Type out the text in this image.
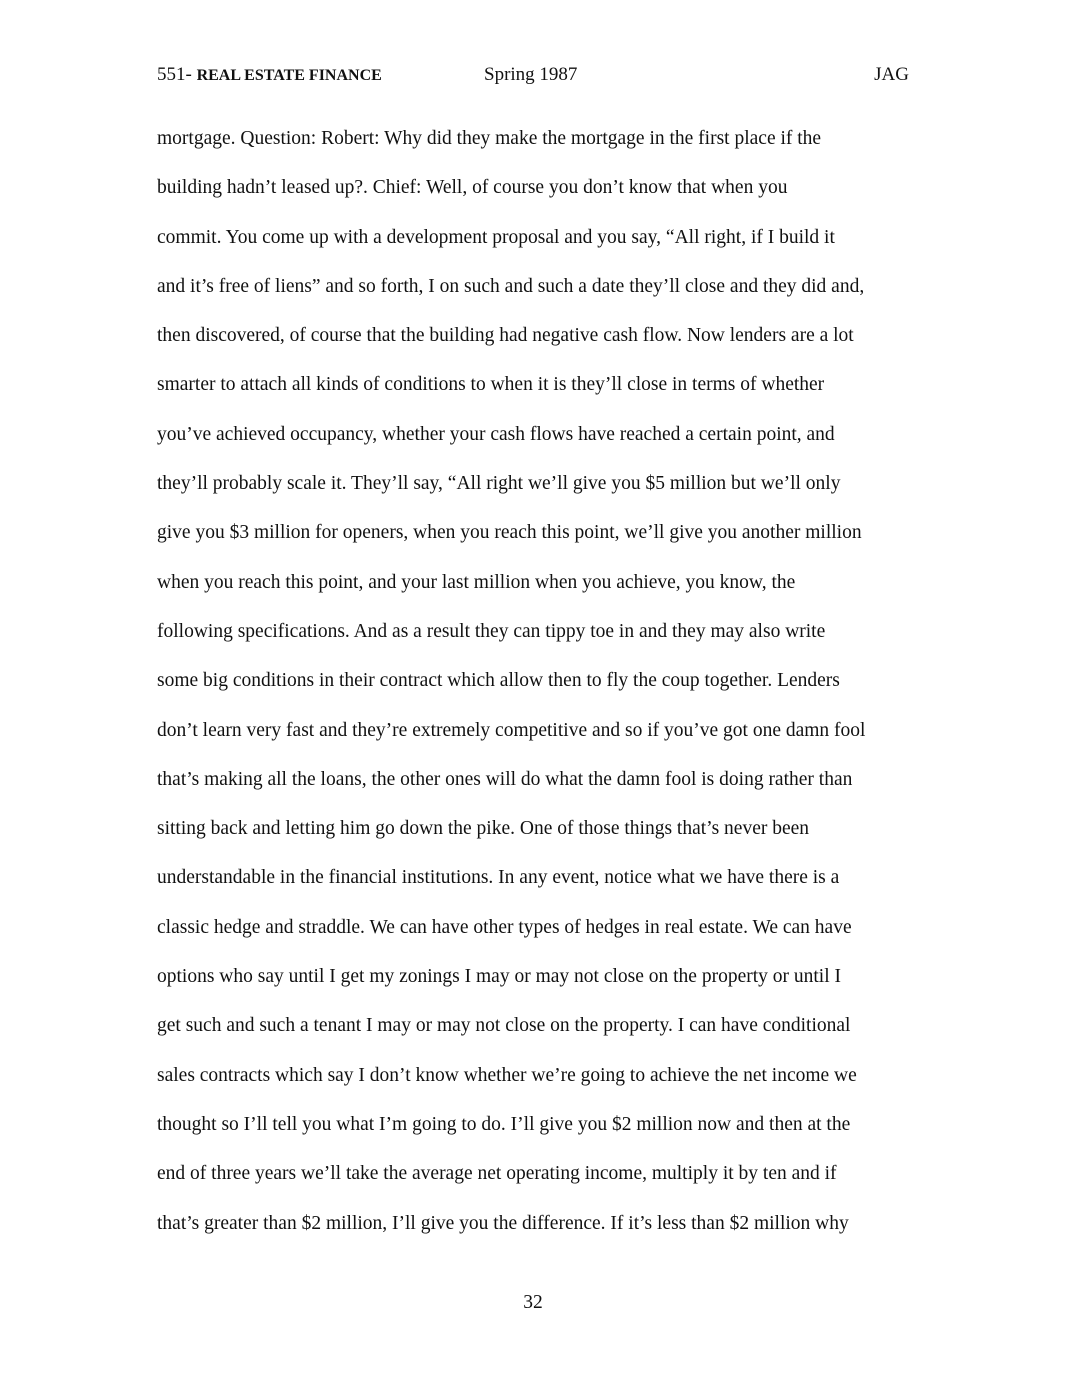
551- REAL ESTATE FINANCE	Spring 1987	JAG
mortgage. Question: Robert: Why did they make the mortgage in the first place if the
building hadn’t leased up?. Chief: Well, of course you don’t know that when you
commit. You come up with a development proposal and you say, “All right, if I build it
and it’s free of liens” and so forth, I on such and such a date they’ll close and they did and,
then discovered, of course that the building had negative cash flow. Now lenders are a lot
smarter to attach all kinds of conditions to when it is they’ll close in terms of whether
you’ve achieved occupancy, whether your cash flows have reached a certain point, and
they’ll probably scale it. They’ll say, “All right we’ll give you $5 million but we’ll only
give you $3 million for openers, when you reach this point, we’ll give you another million
when you reach this point, and your last million when you achieve, you know, the
following specifications. And as a result they can tippy toe in and they may also write
some big conditions in their contract which allow then to fly the coup together. Lenders
don’t learn very fast and they’re extremely competitive and so if you’ve got one damn fool
that’s making all the loans, the other ones will do what the damn fool is doing rather than
sitting back and letting him go down the pike. One of those things that’s never been
understandable in the financial institutions. In any event, notice what we have there is a
classic hedge and straddle. We can have other types of hedges in real estate. We can have
options who say until I get my zonings I may or may not close on the property or until I
get such and such a tenant I may or may not close on the property. I can have conditional
sales contracts which say I don’t know whether we’re going to achieve the net income we
thought so I’ll tell you what I’m going to do. I’ll give you $2 million now and then at the
end of three years we’ll take the average net operating income, multiply it by ten and if
that’s greater than $2 million, I’ll give you the difference. If it’s less than $2 million why
32
